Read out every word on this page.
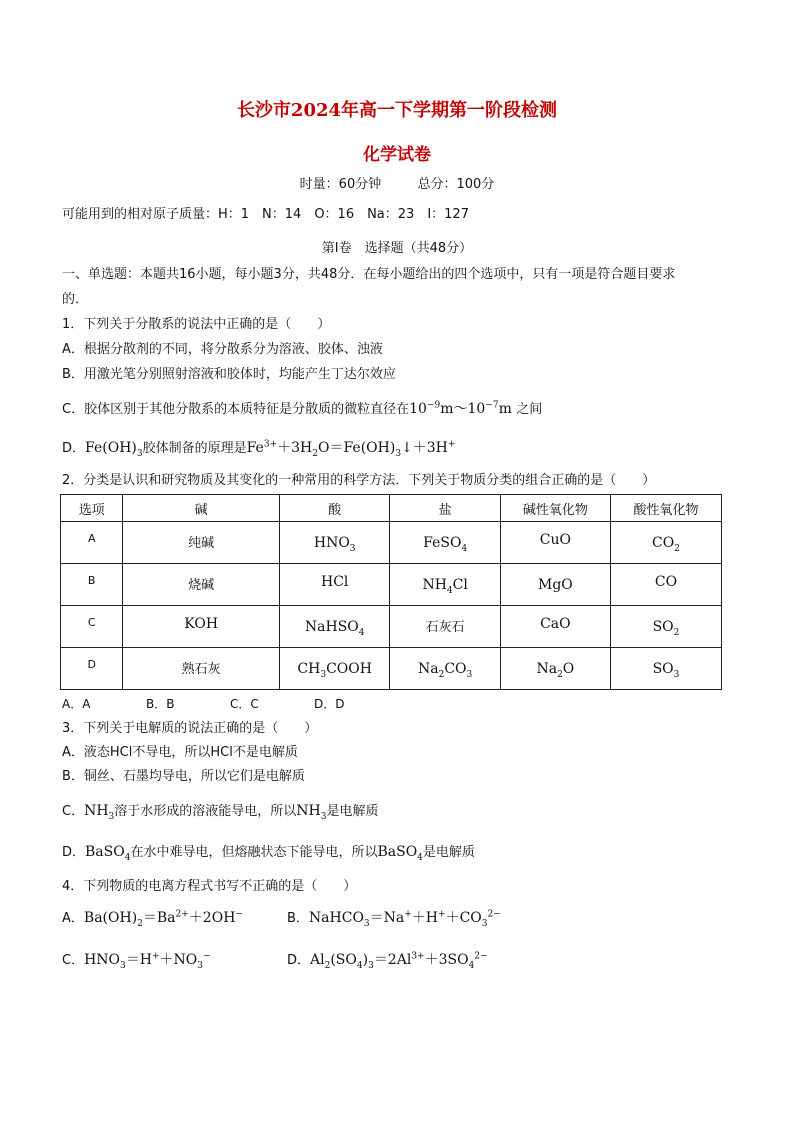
长沙市2024年高一下学期第一阶段检测
化学试卷
时量：60分钟	总分：100分
可能用到的相对原子质量：H：1　N：14　O：16　Na：23　I：127
第Ⅰ卷　选择题（共48分）
一、单选题：本题共16小题，每小题3分，共48分．在每小题给出的四个选项中，只有一项是符合题目要求
的．
1．下列关于分散系的说法中正确的是（　　）
A．根据分散剂的不同，将分散系分为溶液、胶体、浊液
B．用激光笔分别照射溶液和胶体时，均能产生丁达尔效应
C．胶体区别于其他分散系的本质特征是分散质的微粒直径在$10^{-9}m\sim 10^{-7}m$ 之间
D．$Fe(OH)_3$胶体制备的原理是$Fe^{3+}+3H_2O=Fe(OH)_3↓+3H^+$
2．分类是认识和研究物质及其变化的一种常用的科学方法．下列关于物质分类的组合正确的是（　　）
选项	碱	酸	盐	碱性氧化物	酸性氧化物
A	纯碱	$HNO_3$	FeSO$_4$	CuO	$CO_2$
B	烧碱	HCl	$NH_4Cl$	MgO	CO
C	KOH	NaHSO$_4$	石灰石	CaO	$SO_2$
D	熟石灰	$CH_3COOH$	$Na_2CO_3$	$Na_2O$	$SO_3$
A．A	B．B	C．C	D．D
3．下列关于电解质的说法正确的是（　　）
A．液态HCl不导电，所以HCl不是电解质
B．铜丝、石墨均导电，所以它们是电解质
C．$NH_3$溶于水形成的溶液能导电，所以$NH_3$是电解质
D．BaSO$_4$在水中难导电，但熔融状态下能导电，所以BaSO$_4$是电解质
4．下列物质的电离方程式书写不正确的是（　　）
A．$Ba(OH)_2=Ba^{2+}+2OH^-$	B．$NaHCO_3=Na^++H^++CO_3^{2-}$
C．$HNO_3=H^++NO_3^-$	D．$Al_2(SO_4)_3=2Al^{3+}+3SO_4^{2-}$
